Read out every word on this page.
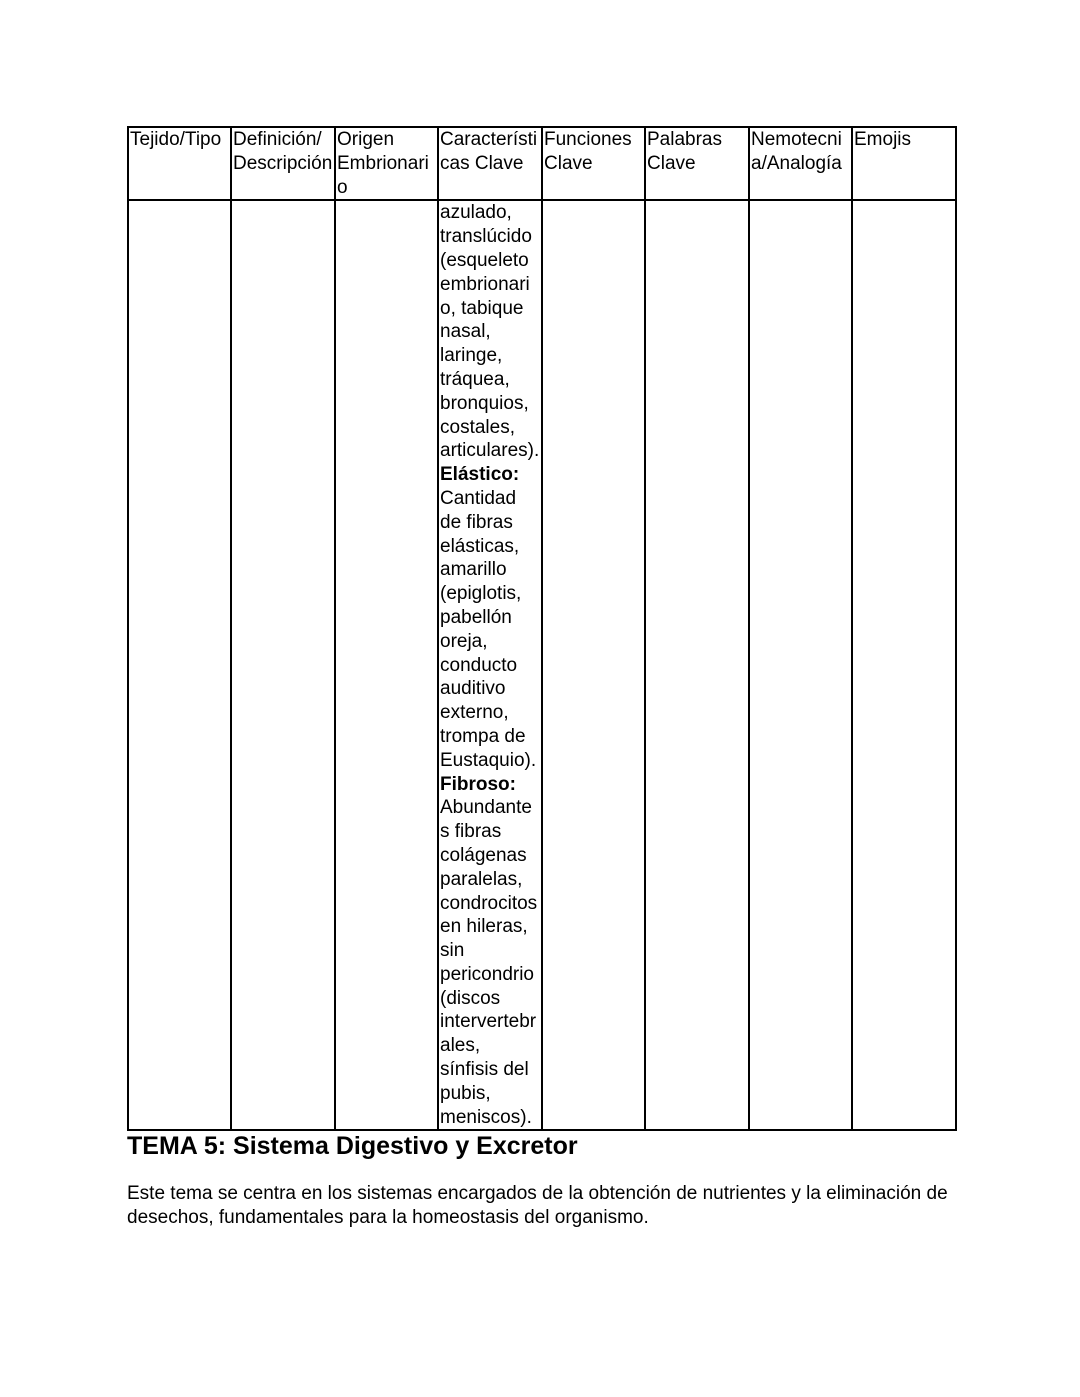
Tejido/Tipo	Definición/ Descripción	Origen Embrionari o	Característi cas Clave	Funciones Clave	Palabras Clave	Nemotecni a/Analogía	Emojis

			azulado, translúcido (esqueleto embrionari o, tabique nasal, laringe, tráquea, bronquios, costales, articulares).
Elástico:
Cantidad de fibras elásticas, amarillo (epiglotis, pabellón oreja, conducto auditivo externo, trompa de Eustaquio).
Fibroso:
Abundante s fibras colágenas paralelas, condrocitos en hileras, sin pericondrio (discos intervertebr ales, sínfisis del pubis, meniscos).				

TEMA 5: Sistema Digestivo y Excretor

Este tema se centra en los sistemas encargados de la obtención de nutrientes y la eliminación de desechos, fundamentales para la homeostasis del organismo.
